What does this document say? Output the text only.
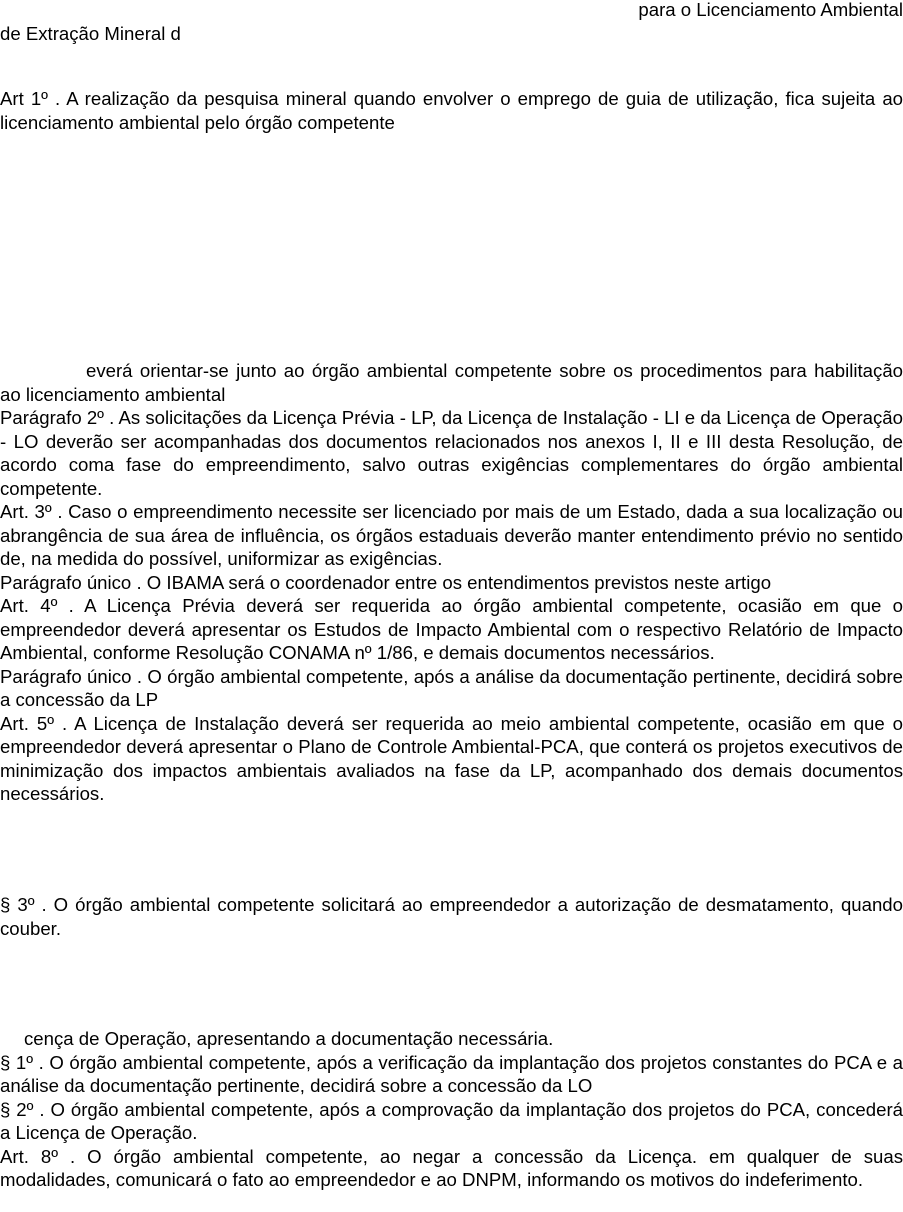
para o Licenciamento Ambiental
de Extração Mineral d

Art 1º . A realização da pesquisa mineral quando envolver o emprego de guia de utilização, fica sujeita ao licenciamento ambiental pelo órgão competente

everá orientar-se junto ao órgão ambiental competente sobre os procedimentos para habilitação ao licenciamento ambiental

Parágrafo 2º . As solicitações da Licença Prévia - LP, da Licença de Instalação - LI e da Licença de Operação - LO deverão ser acompanhadas dos documentos relacionados nos anexos I, II e III desta Resolução, de acordo coma fase do empreendimento, salvo outras exigências complementares do órgão ambiental competente.

Art. 3º . Caso o empreendimento necessite ser licenciado por mais de um Estado, dada a sua localização ou abrangência de sua área de influência, os órgãos estaduais deverão manter entendimento prévio no sentido de, na medida do possível, uniformizar as exigências.

Parágrafo único . O IBAMA será o coordenador entre os entendimentos previstos neste artigo

Art. 4º . A Licença Prévia deverá ser requerida ao órgão ambiental competente, ocasião em que o empreendedor deverá apresentar os Estudos de Impacto Ambiental com o respectivo Relatório de Impacto Ambiental, conforme Resolução CONAMA nº 1/86, e demais documentos necessários.

Parágrafo único . O órgão ambiental competente, após a análise da documentação pertinente, decidirá sobre a concessão da LP

Art. 5º . A Licença de Instalação deverá ser requerida ao meio ambiental competente, ocasião em que o empreendedor deverá apresentar o Plano de Controle Ambiental-PCA, que conterá os projetos executivos de minimização dos impactos ambientais avaliados na fase da LP, acompanhado dos demais documentos necessários.

§ 3º . O órgão ambiental competente solicitará ao empreendedor a autorização de desmatamento, quando couber.

cença de Operação, apresentando a documentação necessária.

§ 1º . O órgão ambiental competente, após a verificação da implantação dos projetos constantes do PCA e a análise da documentação pertinente, decidirá sobre a concessão da LO

§ 2º . O órgão ambiental competente, após a comprovação da implantação dos projetos do PCA, concederá a Licença de Operação.

Art. 8º . O órgão ambiental competente, ao negar a concessão da Licença. em qualquer de suas modalidades, comunicará o fato ao empreendedor e ao DNPM, informando os motivos do indeferimento.
